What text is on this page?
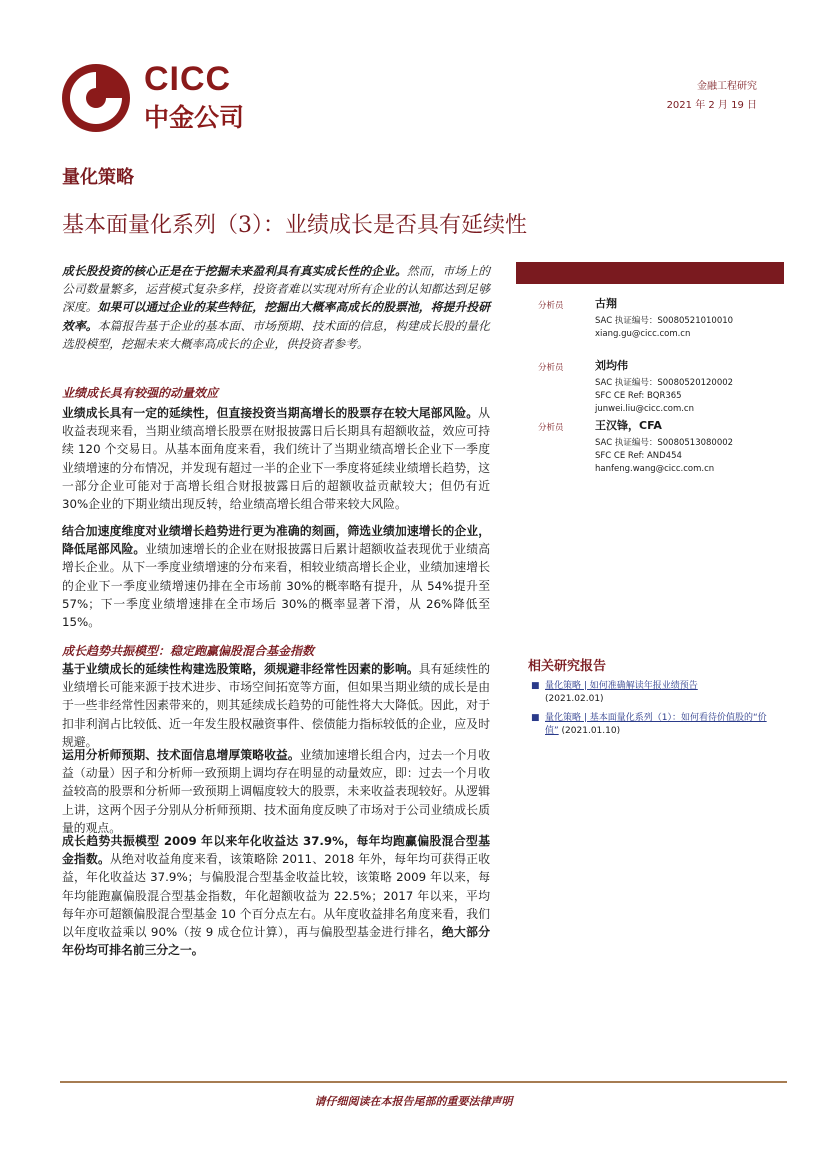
CICC
中金公司
金融工程研究
2021 年 2 月 19 日
量化策略
基本面量化系列（3）：业绩成长是否具有延续性

成长股投资的核心正是在于挖掘未来盈利具有真实成长性的企业。然而，市场上的公司数量繁多，运营模式复杂多样，投资者难以实现对所有企业的认知都达到足够深度。如果可以通过企业的某些特征，挖掘出大概率高成长的股票池，将提升投研效率。本篇报告基于企业的基本面、市场预期、技术面的信息，构建成长股的量化选股模型，挖掘未来大概率高成长的企业，供投资者参考。

业绩成长具有较强的动量效应

业绩成长具有一定的延续性，但直接投资当期高增长的股票存在较大尾部风险。从收益表现来看，当期业绩高增长股票在财报披露日后长期具有超额收益，效应可持续 120 个交易日。从基本面角度来看，我们统计了当期业绩高增长企业下一季度业绩增速的分布情况，并发现有超过一半的企业下一季度将延续业绩增长趋势，这一部分企业可能对于高增长组合财报披露日后的超额收益贡献较大；但仍有近 30%企业的下期业绩出现反转，给业绩高增长组合带来较大风险。

结合加速度维度对业绩增长趋势进行更为准确的刻画，筛选业绩加速增长的企业，降低尾部风险。业绩加速增长的企业在财报披露日后累计超额收益表现优于业绩高增长企业。从下一季度业绩增速的分布来看，相较业绩高增长企业，业绩加速增长的企业下一季度业绩增速仍排在全市场前 30%的概率略有提升，从 54%提升至 57%；下一季度业绩增速排在全市场后 30%的概率显著下滑，从 26%降低至 15%。

成长趋势共振模型：稳定跑赢偏股混合基金指数

基于业绩成长的延续性构建选股策略，须规避非经常性因素的影响。具有延续性的业绩增长可能来源于技术进步、市场空间拓宽等方面，但如果当期业绩的成长是由于一些非经常性因素带来的，则其延续成长趋势的可能性将大大降低。因此，对于扣非利润占比较低、近一年发生股权融资事件、偿债能力指标较低的企业，应及时规避。

运用分析师预期、技术面信息增厚策略收益。业绩加速增长组合内，过去一个月收益（动量）因子和分析师一致预期上调均存在明显的动量效应，即：过去一个月收益较高的股票和分析师一致预期上调幅度较大的股票，未来收益表现较好。从逻辑上讲，这两个因子分别从分析师预期、技术面角度反映了市场对于公司业绩成长质量的观点。

成长趋势共振模型 2009 年以来年化收益达 37.9%，每年均跑赢偏股混合型基金指数。从绝对收益角度来看，该策略除 2011、2018 年外，每年均可获得正收益，年化收益达 37.9%；与偏股混合型基金收益比较，该策略 2009 年以来，每年均能跑赢偏股混合型基金指数，年化超额收益为 22.5%；2017 年以来，平均每年亦可超额偏股混合型基金 10 个百分点左右。从年度收益排名角度来看，我们以年度收益乘以 90%（按 9 成仓位计算），再与偏股型基金进行排名，绝大部分年份均可排名前三分之一。

分析员	古翔
SAC 执证编号：S0080521010010
xiang.gu@cicc.com.cn
分析员	刘均伟
SAC 执证编号：S0080520120002
SFC CE Ref: BQR365
junwei.liu@cicc.com.cn
分析员	王汉锋，CFA
SAC 执证编号：S0080513080002
SFC CE Ref: AND454
hanfeng.wang@cicc.com.cn
相关研究报告
■ 量化策略 | 如何准确解读年报业绩预告
(2021.02.01)
■ 量化策略 | 基本面量化系列（1）：如何看待价值股的“价值” (2021.01.10)
请仔细阅读在本报告尾部的重要法律声明
